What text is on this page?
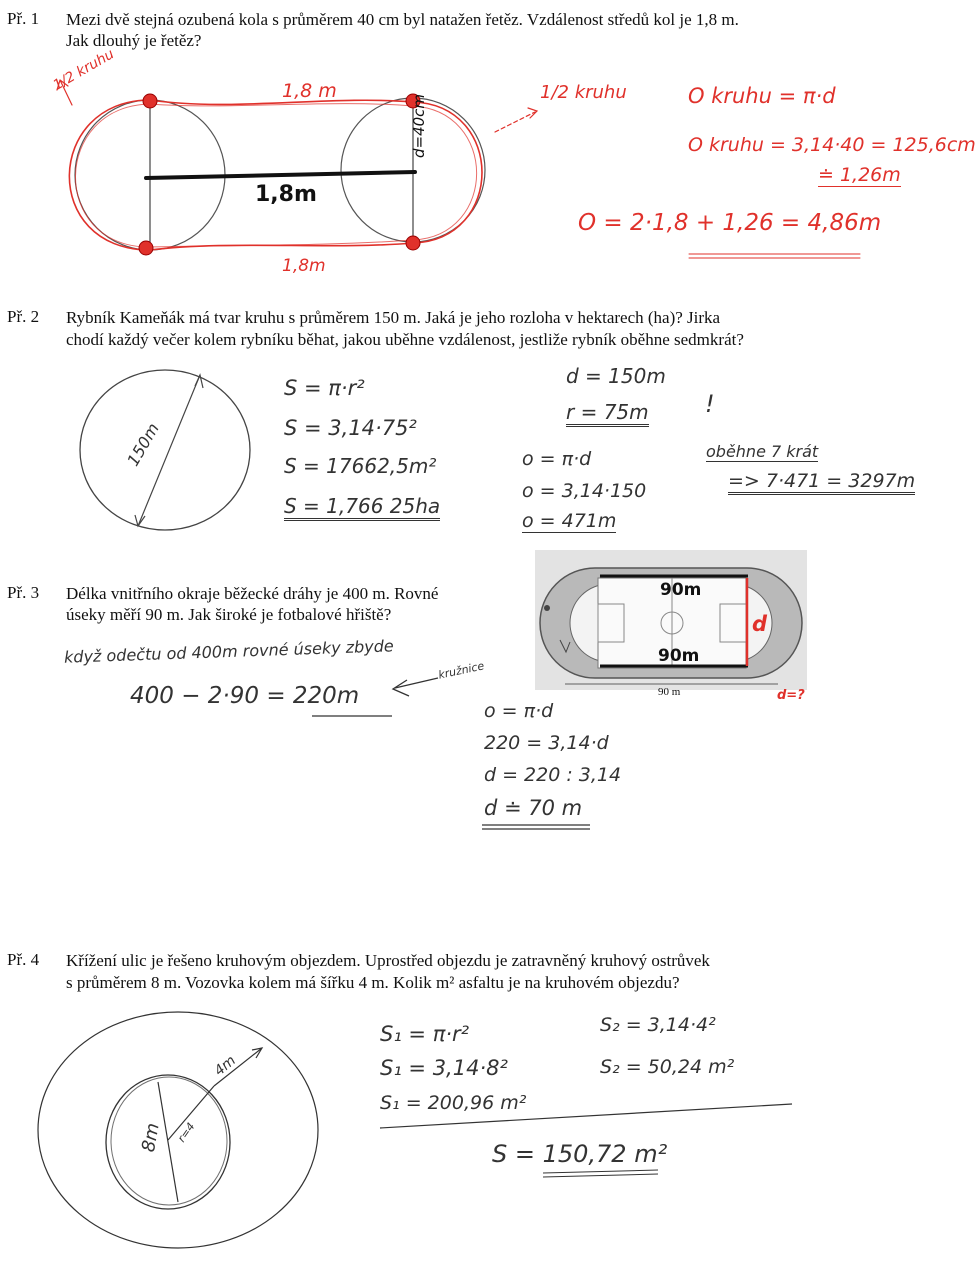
Př. 1 Mezi dvě stejná ozubená kola s průměrem 40 cm byl natažen řetěz. Vzdálenost středů kol je 1,8 m.
Jak dlouhý je řetěz?
1/2 kruhu	1,8 m
1,8m
d=40cm
1,8m
1/2 kruhu	O kruhu = π·d
O kruhu = 3,14·40 = 125,6cm
≐ 1,26m
O = 2·1,8 + 1,26 = 4,86m
Př. 2 Rybník Kameňák má tvar kruhu s průměrem 150 m. Jaká je jeho rozloha v hektarech (ha)? Jirka
chodí každý večer kolem rybníku běhat, jakou uběhne vzdálenost, jestliže rybník oběhne sedmkrát?
150m
S = π·r²
S = 3,14·75²
S = 17662,5m²
S = 1,766 25ha
d = 150m
r = 75m !
o = π·d
o = 3,14·150
o = 471m
oběhne 7 krát
=> 7·471 = 3297m
Př. 3 Délka vnitřního okraje běžecké dráhy je 400 m. Rovné
úseky měří 90 m. Jak široké je fotbalové hřiště?
když odečtu od 400m rovné úseky zbyde
kružnice
400 − 2·90 = 220m
90m
90m
d
90 m	d=?
o = π·d
220 = 3,14·d
d = 220 : 3,14
d ≐ 70 m
Př. 4 Křížení ulic je řešeno kruhovým objezdem. Uprostřed objezdu je zatravněný kruhový ostrůvek
s průměrem 8 m. Vozovka kolem má šířku 4 m. Kolik m² asfaltu je na kruhovém objezdu?
4m
8m r=4
S₁ = π·r²
S₁ = 3,14·8²
S₁ = 200,96 m²
S₂ = 3,14·4²
S₂ = 50,24 m²
S = 150,72 m²
